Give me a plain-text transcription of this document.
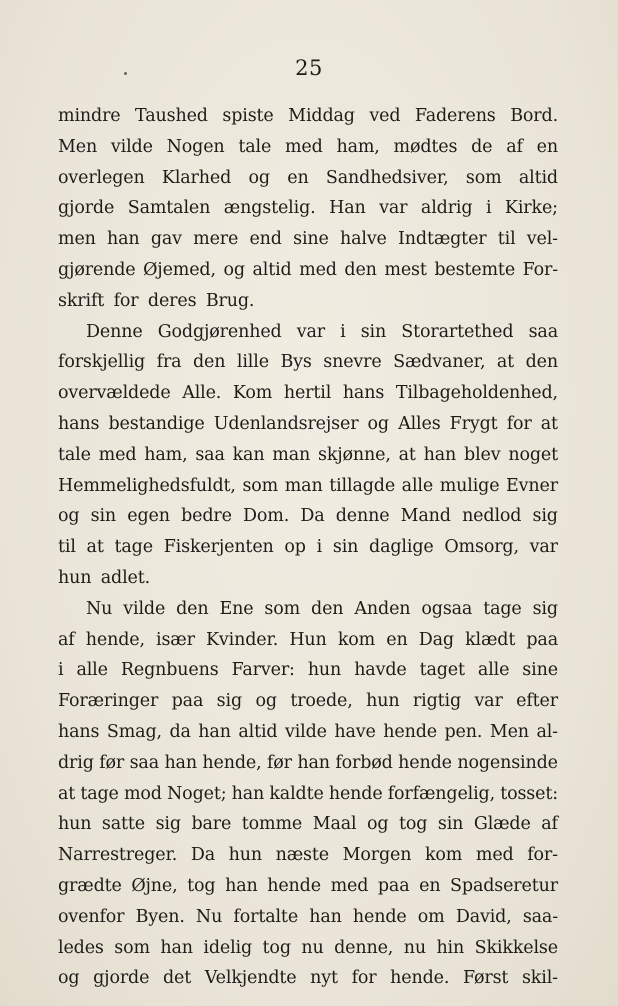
25
mindre Taushed spiste Middag ved Faderens Bord.
Men vilde Nogen tale med ham, mødtes de af en
overlegen Klarhed og en Sandhedsiver, som altid
gjorde Samtalen ængstelig. Han var aldrig i Kirke;
men han gav mere end sine halve Indtægter til vel-
gjørende Øjemed, og altid med den mest bestemte For-
skrift for deres Brug.
Denne Godgjørenhed var i sin Storartethed saa
forskjellig fra den lille Bys snevre Sædvaner, at den
overvældede Alle. Kom hertil hans Tilbageholdenhed,
hans bestandige Udenlandsrejser og Alles Frygt for at
tale med ham, saa kan man skjønne, at han blev noget
Hemmelighedsfuldt, som man tillagde alle mulige Evner
og sin egen bedre Dom. Da denne Mand nedlod sig
til at tage Fiskerjenten op i sin daglige Omsorg, var
hun adlet.
Nu vilde den Ene som den Anden ogsaa tage sig
af hende, især Kvinder. Hun kom en Dag klædt paa
i alle Regnbuens Farver: hun havde taget alle sine
Foræringer paa sig og troede, hun rigtig var efter
hans Smag, da han altid vilde have hende pen. Men al-
drig før saa han hende, før han forbød hende nogensinde
at tage mod Noget; han kaldte hende forfængelig, tosset:
hun satte sig bare tomme Maal og tog sin Glæde af
Narrestreger. Da hun næste Morgen kom med for-
grædte Øjne, tog han hende med paa en Spadseretur
ovenfor Byen. Nu fortalte han hende om David, saa-
ledes som han idelig tog nu denne, nu hin Skikkelse
og gjorde det Velkjendte nyt for hende. Først skil-
